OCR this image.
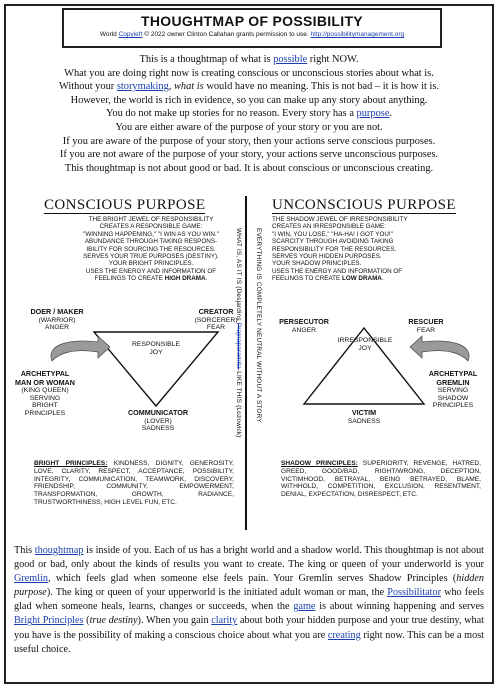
THOUGHTMAP OF POSSIBILITY
World Copyleft © 2022 owner Clinton Callahan grants permission to use. http://possibilitymanagement.org

This is a thoughtmap of what is possible right NOW.

What you are doing right now is creating conscious or unconscious stories about what is.

Without your storymaking, what is would have no meaning. This is not bad – it is how it is.

However, the world is rich in evidence, so you can make up any story about anything.

You do not make up stories for no reason. Every story has a purpose.

You are either aware of the purpose of your story or you are not.

If you are aware of the purpose of your story, then your actions serve conscious purposes.

If you are not aware of the purpose of your story, your actions serve unconscious purposes.

This thoughtmap is not about good or bad. It is about conscious or unconscious creating.

CONSCIOUS PURPOSE

THE BRIGHT JEWEL OF RESPONSIBILITY

CREATES A RESPONSIBLE GAME:

"WINNING HAPPENING," "I WIN AS YOU WIN."

ABUNDANCE THROUGH TAKING RESPONS-

IBILITY FOR SOURCING THE RESOURCES.

SERVES YOUR TRUE PURPOSES (DESTINY).

YOUR BRIGHT PRINCIPLES.

USES THE ENERGY AND INFORMATION OF

FEELINGS TO CREATE HIGH DRAMA.

DOER / MAKER
(WARRIOR)
ANGER
CREATOR
(SORCERER)
FEAR
RESPONSIBLE
JOY
ARCHETYPAL
MAN OR WOMAN
(KING QUEEN)
SERVING
BRIGHT
PRINCIPLES	COMMUNICATOR
(LOVER)
SADNESS
BRIGHT PRINCIPLES: KINDNESS, DIGNITY, GENEROSITY, LOVE, CLARITY, RESPECT, ACCEPTANCE, POSSIBILITY, INTEGRITY, COMMUNICATION, TEAMWORK, DISCOVERY, FRIENDSHIP, COMMUNITY, EMPOWERMENT, TRANSFORMATION, GROWTH, RADIANCE, TRUSTWORTHINESS, HIGH LEVEL FUN, ETC.
WHAT IS, AS IT IS (Desjardins Prajnaparamita-LIKE THIS (Lozowick) EVERYTHING IS COMPLETELY NEUTRAL WITHOUT A STORY
UNCONSCIOUS PURPOSE

THE SHADOW JEWEL OF IRRESPONSIBILITY

CREATES AN IRRESPONSIBLE GAME:

"I WIN, YOU LOSE," "HA-HA! I GOT YOU!"

SCARCITY THROUGH AVOIDING TAKING

RESPONSIBILITY FOR THE RESOURCES.

SERVES YOUR HIDDEN PURPOSES.

YOUR SHADOW PRINCIPLES.

USES THE ENERGY AND INFORMATION OF

FEELINGS TO CREATE LOW DRAMA.

PERSECUTOR
ANGER
RESCUER
FEAR
IRRESPONSIBLE
JOY
ARCHETYPAL
GREMLIN
SERVING
SHADOW
PRINCIPLES
VICTIM
SADNESS
SHADOW PRINCIPLES: SUPERIORITY, REVENGE, HATRED, GREED, GOOD/BAD, RIGHT/WRONG, DECEPTION, VICTIMHOOD, BETRAYAL, BEING BETRAYED, BLAME, WITHHOLD, COMPETITION, EXCLUSION, RESENTMENT, DENIAL, EXPECTATION, DISRESPECT, ETC.

This thoughtmap is inside of you. Each of us has a bright world and a shadow world. This thoughtmap is not about good or bad, only about the kinds of results you want to create. The king or queen of your underworld is your Gremlin, which feels glad when someone else feels pain. Your Gremlin serves Shadow Principles (hidden purpose). The king or queen of your upperworld is the initiated adult woman or man, the Possibilitator who feels glad when someone heals, learns, changes or succeeds, when the game is about winning happening and serves Bright Principles (true destiny). When you gain clarity about both your hidden purpose and your true destiny, what you have is the possibility of making a conscious choice about what you are creating right now. This can be a most useful choice.
